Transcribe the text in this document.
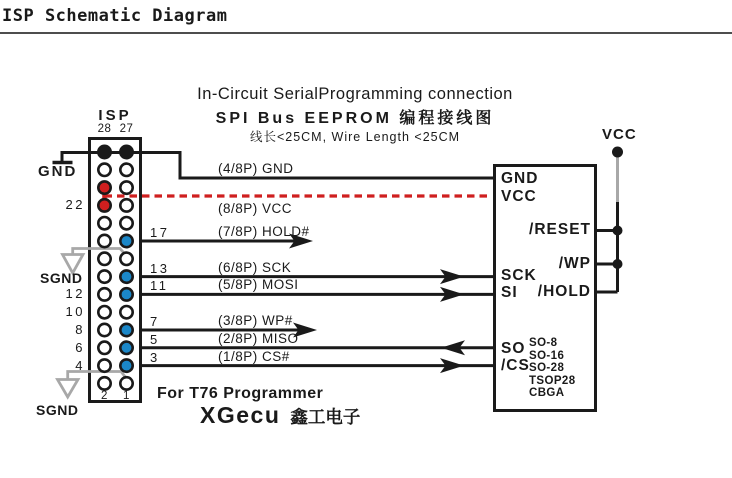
ISP Schematic Diagram
In-Circuit SerialProgramming connection
SPI Bus EEPROM 编程接线图
线长<25CM, Wire Length <25CM
ISP
GND
SGND
SGND
(4/8P) GND
(8/8P) VCC
VCC
17	(7/8P) HOLD#
13	(6/8P) SCK
11	(5/8P) MOSI
7	(3/8P) WP#
5	(2/8P) MISO
3	(1/8P) CS#
28 27
2	1
22
12
10
8
6
4
GND
VCC
SCK
SI
SO
/CS
/RESET
/WP
/HOLD
SO-8
SO-16
SO-28
TSOP28
CBGA
For T76 Programmer
XGecu 鑫工电子
